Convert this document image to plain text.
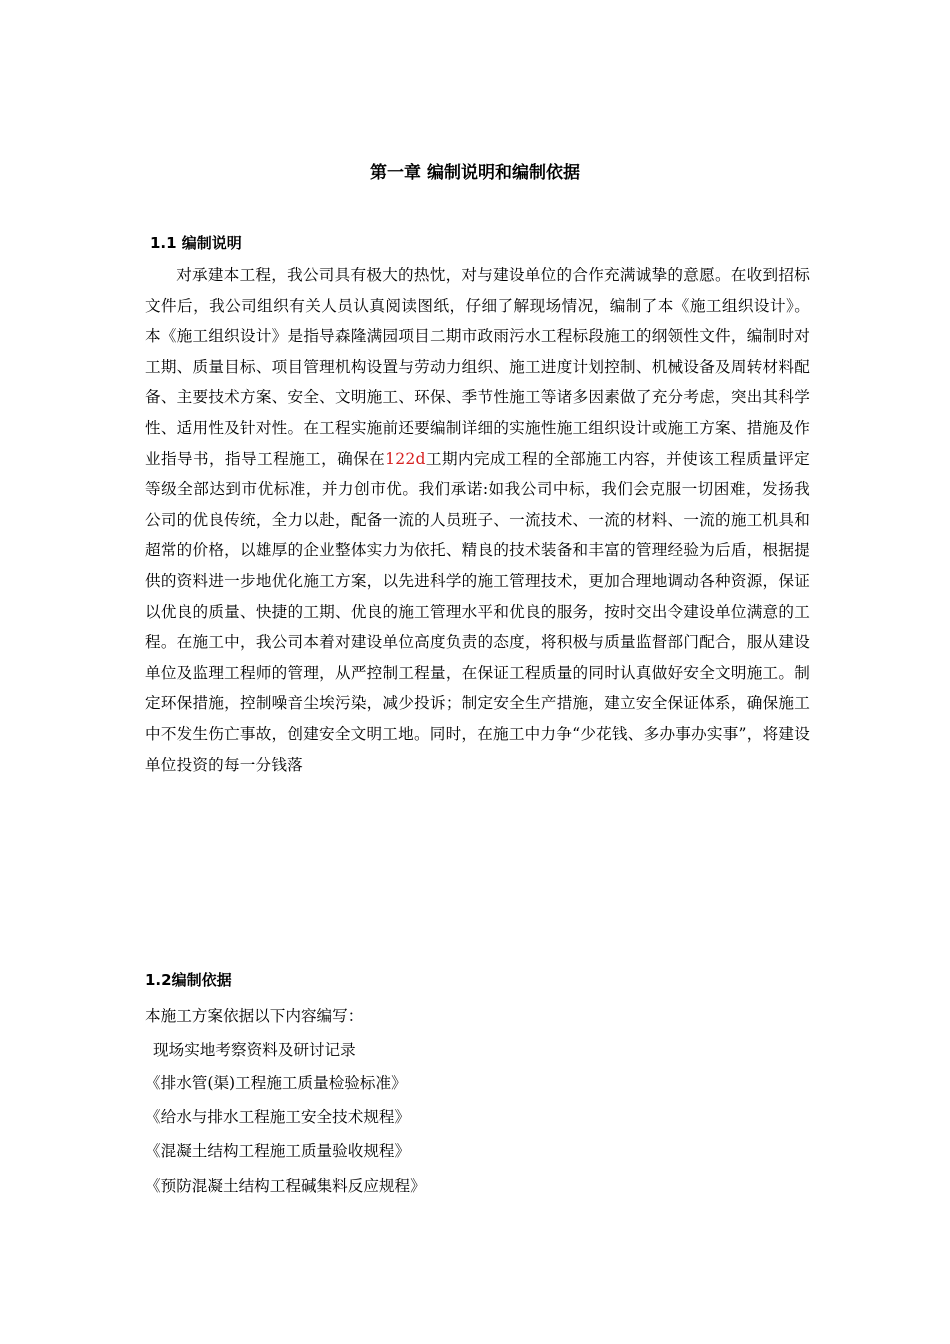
第一章 编制说明和编制依据
1.1 编制说明

对承建本工程，我公司具有极大的热忱，对与建设单位的合作充满诚挚的意愿。在收到招标文件后，我公司组织有关人员认真阅读图纸，仔细了解现场情况，编制了本《施工组织设计》。本《施工组织设计》是指导森隆满园项目二期市政雨污水工程标段施工的纲领性文件，编制时对工期、质量目标、项目管理机构设置与劳动力组织、施工进度计划控制、机械设备及周转材料配备、主要技术方案、安全、文明施工、环保、季节性施工等诸多因素做了充分考虑，突出其科学性、适用性及针对性。在工程实施前还要编制详细的实施性施工组织设计或施工方案、措施及作业指导书，指导工程施工，确保在122d工期内完成工程的全部施工内容，并使该工程质量评定等级全部达到市优标准，并力创市优。我们承诺:如我公司中标，我们会克服一切困难，发扬我公司的优良传统，全力以赴，配备一流的人员班子、一流技术、一流的材料、一流的施工机具和超常的价格，以雄厚的企业整体实力为依托、精良的技术装备和丰富的管理经验为后盾，根据提供的资料进一步地优化施工方案，以先进科学的施工管理技术，更加合理地调动各种资源，保证以优良的质量、快捷的工期、优良的施工管理水平和优良的服务，按时交出令建设单位满意的工程。在施工中，我公司本着对建设单位高度负责的态度，将积极与质量监督部门配合，服从建设单位及监理工程师的管理，从严控制工程量，在保证工程质量的同时认真做好安全文明施工。制定环保措施，控制噪音尘埃污染，减少投诉；制定安全生产措施，建立安全保证体系，确保施工中不发生伤亡事故，创建安全文明工地。同时，在施工中力争“少花钱、多办事办实事”，将建设单位投资的每一分钱落

1.2编制依据
本施工方案依据以下内容编写：
现场实地考察资料及研讨记录
《排水管(渠)工程施工质量检验标准》
《给水与排水工程施工安全技术规程》
《混凝土结构工程施工质量验收规程》
《预防混凝土结构工程碱集料反应规程》
